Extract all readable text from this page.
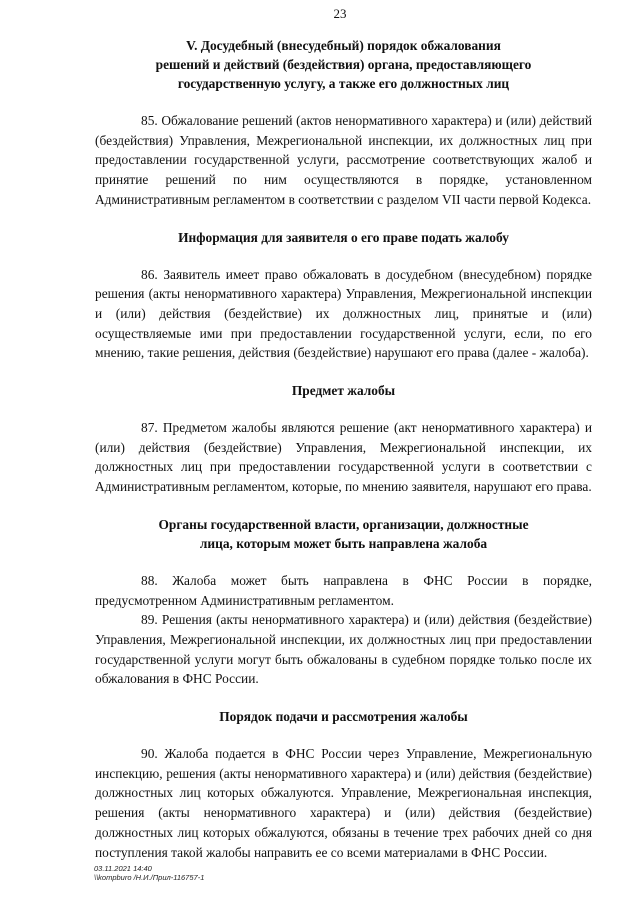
23
V. Досудебный (внесудебный) порядок обжалования
решений и действий (бездействия) органа, предоставляющего
государственную услугу, а также его должностных лиц

85. Обжалование решений (актов ненормативного характера) и (или) действий (бездействия) Управления, Межрегиональной инспекции, их должностных лиц при предоставлении государственной услуги, рассмотрение соответствующих жалоб и принятие решений по ним осуществляются в порядке, установленном Административным регламентом в соответствии с разделом VII части первой Кодекса.

Информация для заявителя о его праве подать жалобу

86. Заявитель имеет право обжаловать в досудебном (внесудебном) порядке решения (акты ненормативного характера) Управления, Межрегиональной инспекции и (или) действия (бездействие) их должностных лиц, принятые и (или) осуществляемые ими при предоставлении государственной услуги, если, по его мнению, такие решения, действия (бездействие) нарушают его права (далее - жалоба).

Предмет жалобы

87. Предметом жалобы являются решение (акт ненормативного характера) и (или) действия (бездействие) Управления, Межрегиональной инспекции, их должностных лиц при предоставлении государственной услуги в соответствии с Административным регламентом, которые, по мнению заявителя, нарушают его права.

Органы государственной власти, организации, должностные
лица, которым может быть направлена жалоба

88. Жалоба может быть направлена в ФНС России в порядке, предусмотренном Административным регламентом.

89. Решения (акты ненормативного характера) и (или) действия (бездействие) Управления, Межрегиональной инспекции, их должностных лиц при предоставлении государственной услуги могут быть обжалованы в судебном порядке только после их обжалования в ФНС России.

Порядок подачи и рассмотрения жалобы

90. Жалоба подается в ФНС России через Управление, Межрегиональную инспекцию, решения (акты ненормативного характера) и (или) действия (бездействие) должностных лиц которых обжалуются. Управление, Межрегиональная инспекция, решения (акты ненормативного характера) и (или) действия (бездействие) должностных лиц которых обжалуются, обязаны в течение трех рабочих дней со дня поступления такой жалобы направить ее со всеми материалами в ФНС России.

03.11.2021 14:40
\\kompburo /Н.И./Прил-116757-1
